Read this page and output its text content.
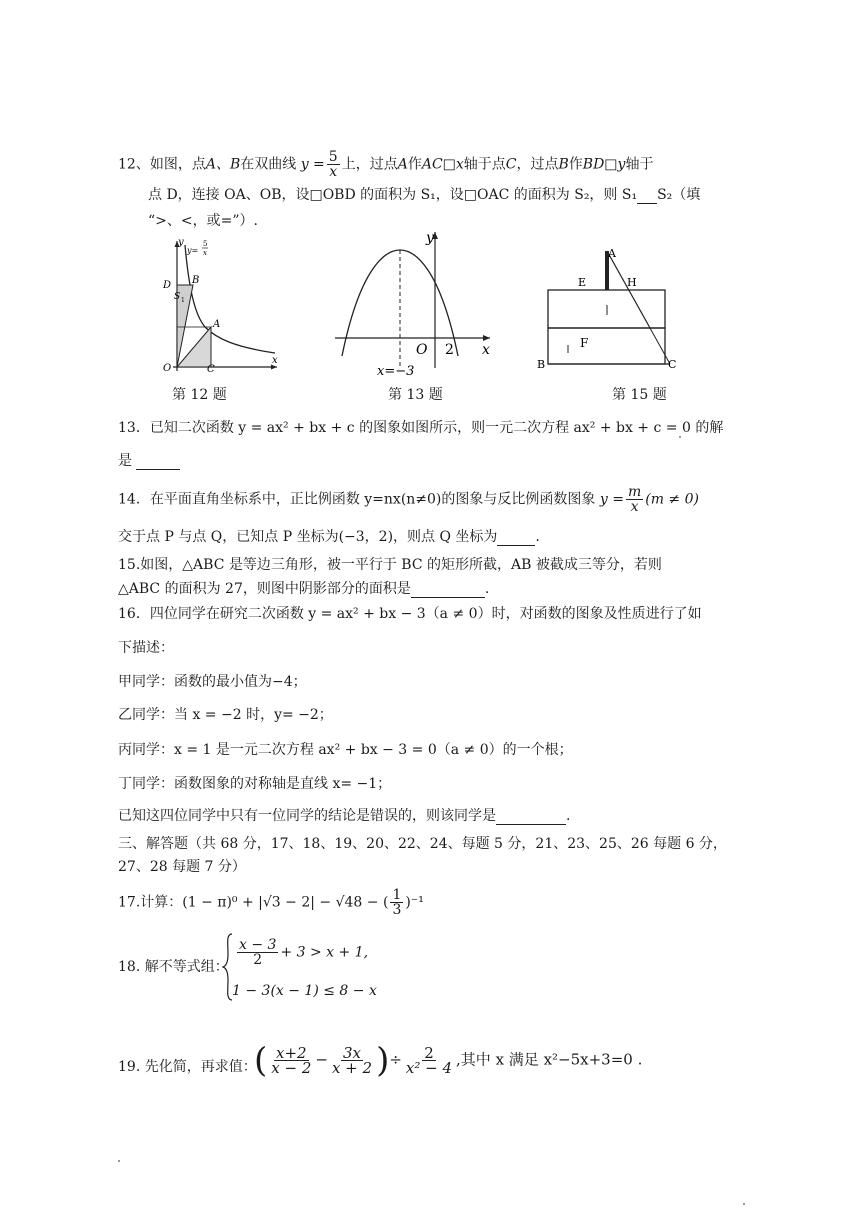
12、如图，点A、B在双曲线 $y = \frac{5}{x}$ 上，过点A作AC□x轴于点C，过点B作BD□y轴于
点 D，连接 OA、OB，设□OBD 的面积为 S₁，设□OAC 的面积为 S₂，则 S₁ S₂（填
“>、<，或=”）.
y
x
y=
5
x
D B
S 1
A
O	C
第 12 题
y
x
O 2
x=−3
第 13 题
A
E	H
F
B	C
第 15 题
13．已知二次函数 y = ax² + bx + c 的图象如图所示，则一元二次方程 ax² + bx + c = 0 的解
是
14．在平面直角坐标系中，正比例函数 y=nx(n≠0)的图象与反比例函数图象 $y = \frac{m}{x} (m \ne 0)$
交于点 P 与点 Q，已知点 P 坐标为(−3，2)，则点 Q 坐标为	.
15.如图，△ABC 是等边三角形，被一平行于 BC 的矩形所截，AB 被截成三等分，若则
△ABC 的面积为 27，则图中阴影部分的面积是	.
16．四位同学在研究二次函数 y = ax² + bx − 3（a ≠ 0）时，对函数的图象及性质进行了如
下描述：
甲同学：函数的最小值为−4；
乙同学：当 x = −2 时，y= −2；
丙同学：x = 1 是一元二次方程 ax² + bx − 3 = 0（a ≠ 0）的一个根；
丁同学：函数图象的对称轴是直线 x= −1；
已知这四位同学中只有一位同学的结论是错误的，则该同学是	.
三、解答题（共 68 分，17、18、19、20、22、24、每题 5 分，21、23、25、26 每题 6 分，
27、28 每题 7 分）
17.计算：(1 − π)⁰ + |√3 − 2| − √48 − ( $\frac{1}{3} )^{-1}$
18. 解不等式组： $\frac{x - 3}{2} + 3 > x + 1$,
1 − 3(x − 1) ≤ 8 − x
19. 先化简，再求值：
( $\frac{x+2}{x - 2} - \frac{3x}{x + 2}$ )÷ $\frac{2}{\text{x² − 4}}$ ,其中 x 满足 x²−5x+3=0 .
